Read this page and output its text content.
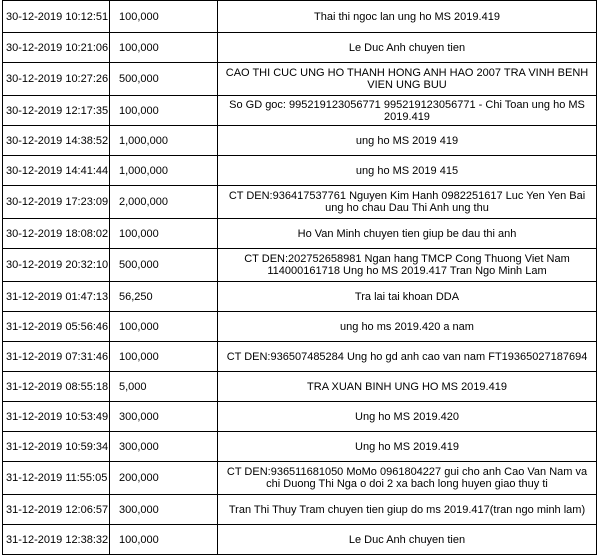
30-12-2019 10:12:51	100,000	Thai thi ngoc lan ung ho MS 2019.419
30-12-2019 10:21:06	100,000	Le Duc Anh chuyen tien
30-12-2019 10:27:26	500,000	CAO THI CUC UNG HO THANH HONG ANH HAO 2007 TRA VINH BENH VIEN UNG BUU
30-12-2019 12:17:35	100,000	So GD goc: 995219123056771 995219123056771 - Chi Toan ung ho MS 2019.419
30-12-2019 14:38:52	1,000,000	ung ho MS 2019 419
30-12-2019 14:41:44	1,000,000	ung ho MS 2019 415
30-12-2019 17:23:09	2,000,000	CT DEN:936417537761 Nguyen Kim Hanh 0982251617 Luc Yen Yen Bai ung ho chau Dau Thi Anh ung thu
30-12-2019 18:08:02	100,000	Ho Van Minh chuyen tien giup be dau thi anh
30-12-2019 20:32:10	500,000	CT DEN:202752658981 Ngan hang TMCP Cong Thuong Viet Nam 114000161718 Ung ho MS 2019.417 Tran Ngo Minh Lam
31-12-2019 01:47:13	56,250	Tra lai tai khoan DDA
31-12-2019 05:56:46	100,000	ung ho ms 2019.420 a nam
31-12-2019 07:31:46	100,000	CT DEN:936507485284 Ung ho gd anh cao van nam FT19365027187694
31-12-2019 08:55:18	5,000	TRA XUAN BINH UNG HO MS 2019.419
31-12-2019 10:53:49	300,000	Ung ho MS 2019.420
31-12-2019 10:59:34	300,000	Ung ho MS 2019.419
31-12-2019 11:55:05	200,000	CT DEN:936511681050 MoMo 0961804227 gui cho anh Cao Van Nam va chi Duong Thi Nga o doi 2 xa bach long huyen giao thuy ti
31-12-2019 12:06:57	300,000	Tran Thi Thuy Tram chuyen tien giup do ms 2019.417(tran ngo minh lam)
31-12-2019 12:38:32	100,000	Le Duc Anh chuyen tien
